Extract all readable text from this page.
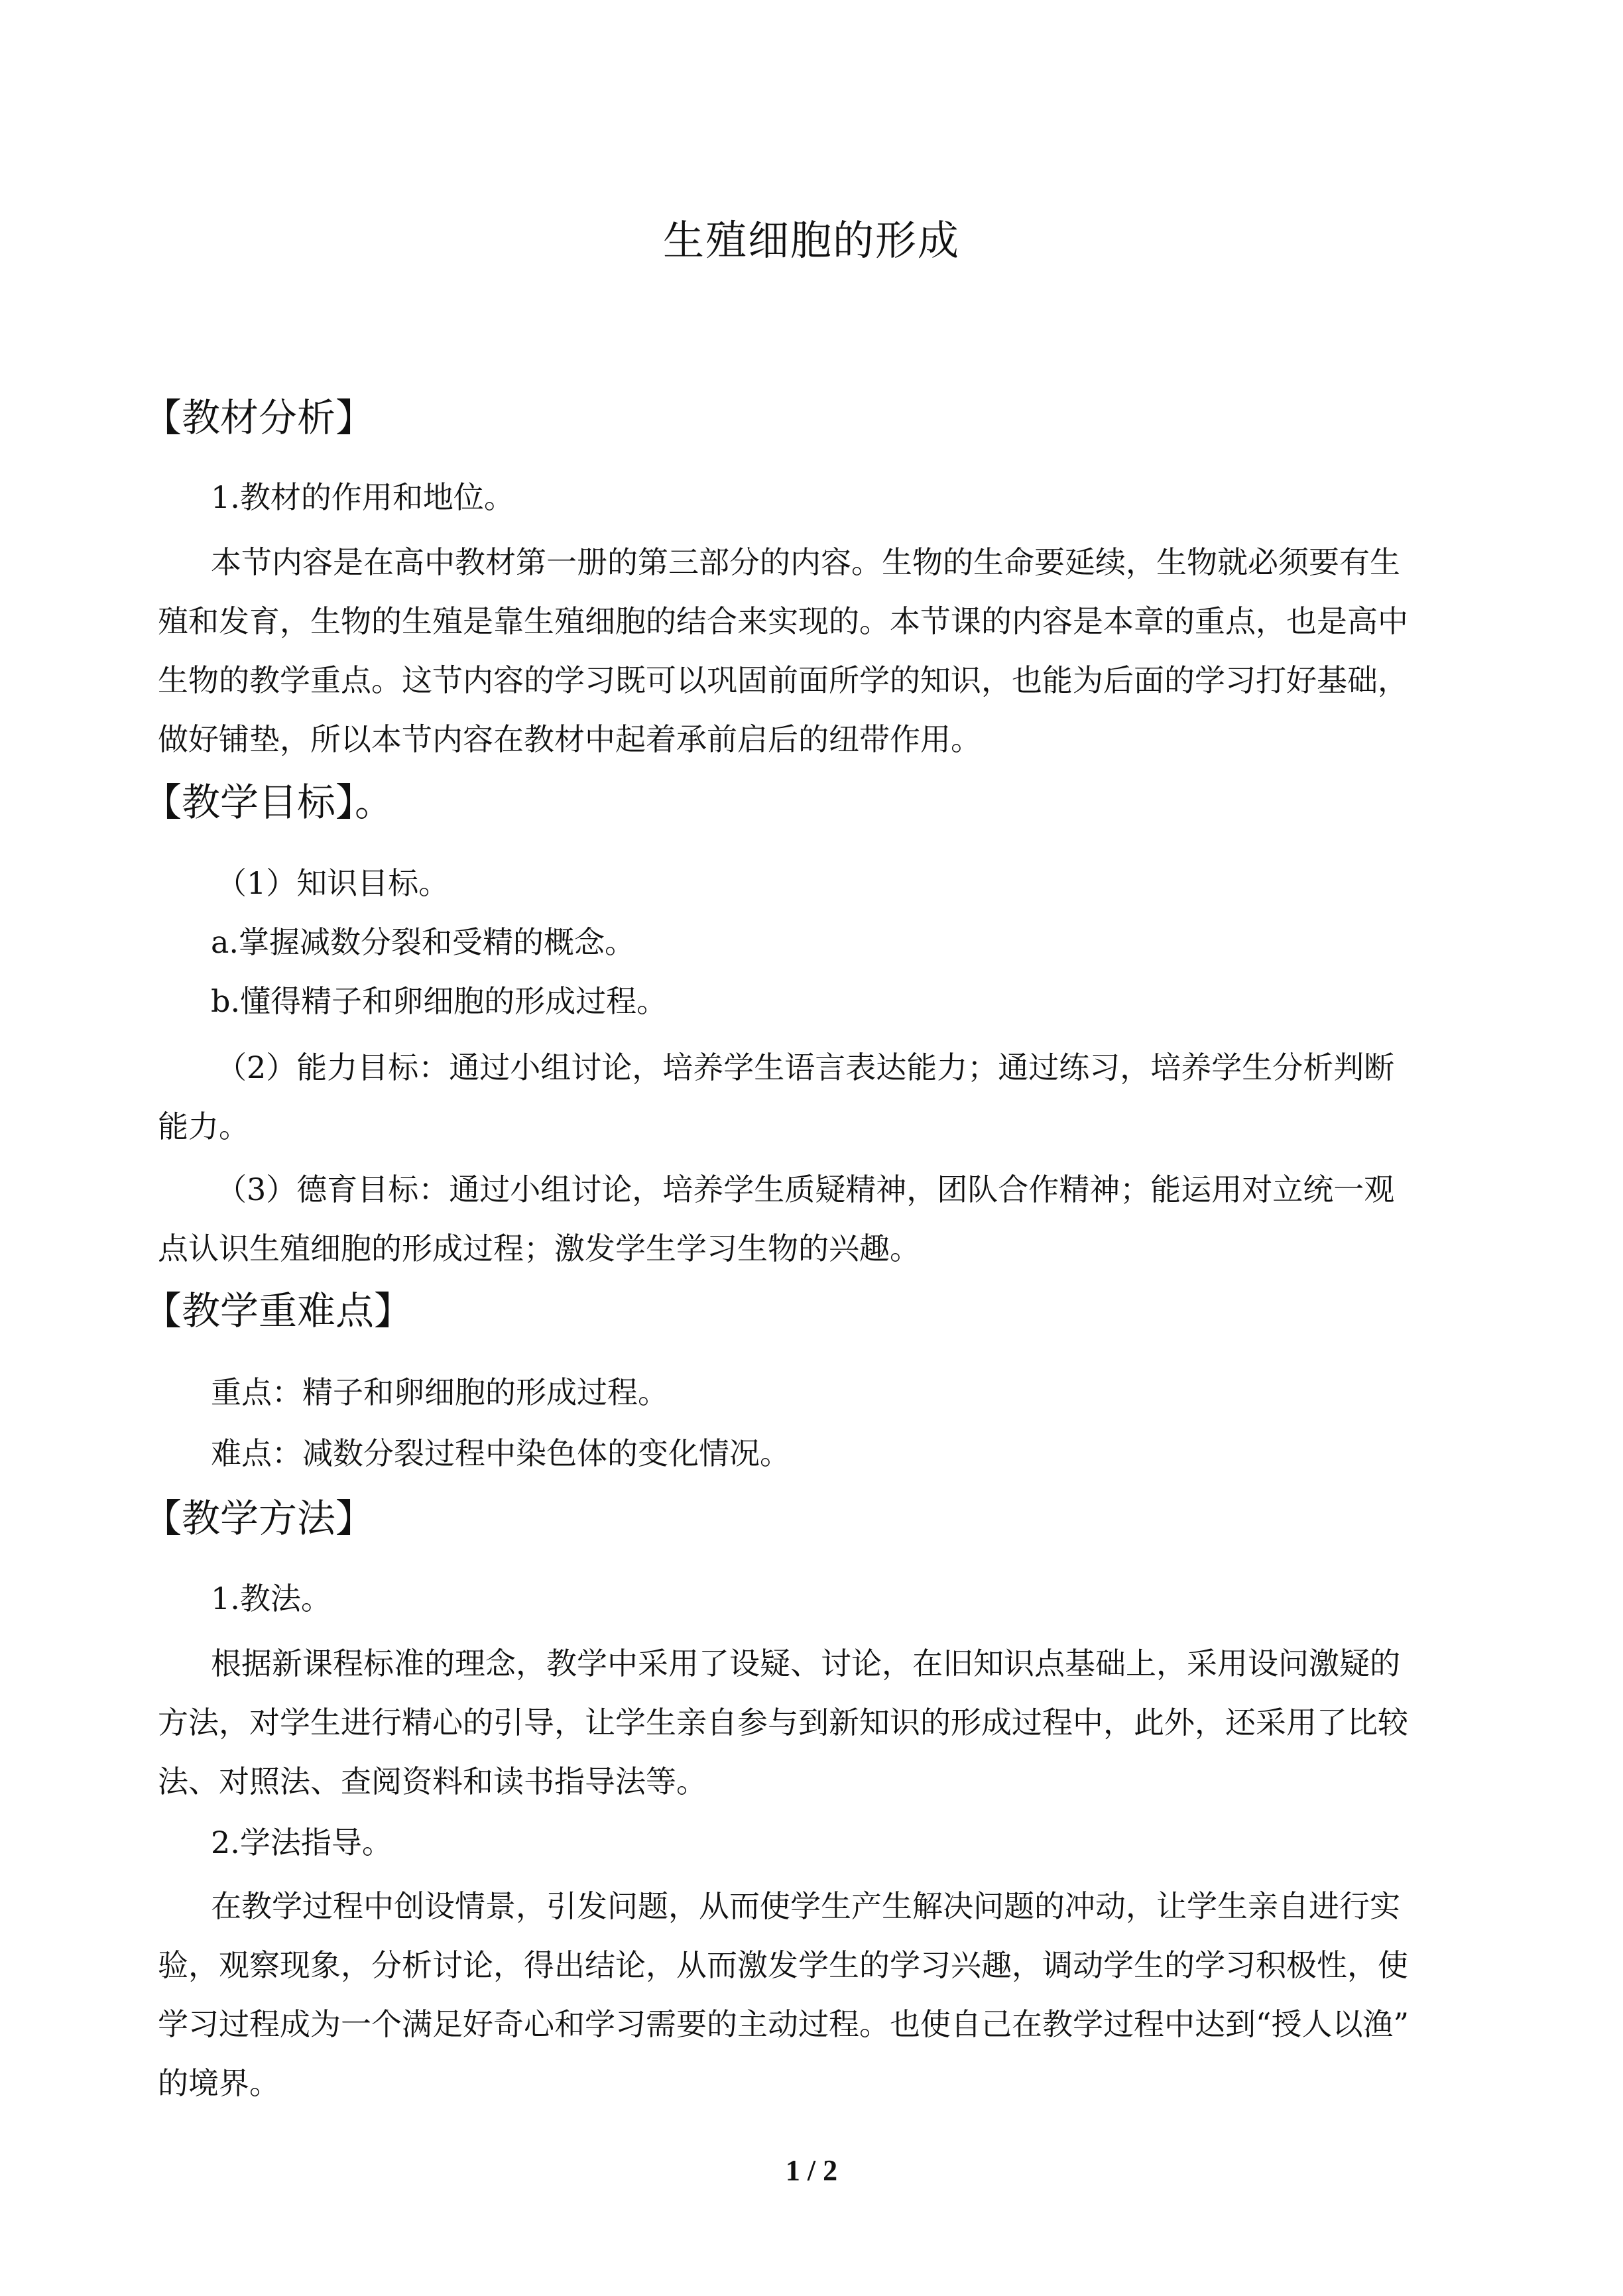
生殖细胞的形成
【教材分析】
1.教材的作用和地位。
本节内容是在高中教材第一册的第三部分的内容。生物的生命要延续，生物就必须要有生
殖和发育，生物的生殖是靠生殖细胞的结合来实现的。本节课的内容是本章的重点，也是高中
生物的教学重点。这节内容的学习既可以巩固前面所学的知识，也能为后面的学习打好基础，
做好铺垫，所以本节内容在教材中起着承前启后的纽带作用。
【教学目标】。
（1）知识目标。
a.掌握减数分裂和受精的概念。
b.懂得精子和卵细胞的形成过程。
（2）能力目标：通过小组讨论，培养学生语言表达能力；通过练习，培养学生分析判断
能力。
（3）德育目标：通过小组讨论，培养学生质疑精神，团队合作精神；能运用对立统一观
点认识生殖细胞的形成过程；激发学生学习生物的兴趣。
【教学重难点】
重点：精子和卵细胞的形成过程。
难点：减数分裂过程中染色体的变化情况。
【教学方法】
1.教法。
根据新课程标准的理念，教学中采用了设疑、讨论，在旧知识点基础上，采用设问激疑的
方法，对学生进行精心的引导，让学生亲自参与到新知识的形成过程中，此外，还采用了比较
法、对照法、查阅资料和读书指导法等。
2.学法指导。
在教学过程中创设情景，引发问题，从而使学生产生解决问题的冲动，让学生亲自进行实
验，观察现象，分析讨论，得出结论，从而激发学生的学习兴趣，调动学生的学习积极性，使
学习过程成为一个满足好奇心和学习需要的主动过程。也使自己在教学过程中达到“授人以渔”
的境界。
1 / 2
